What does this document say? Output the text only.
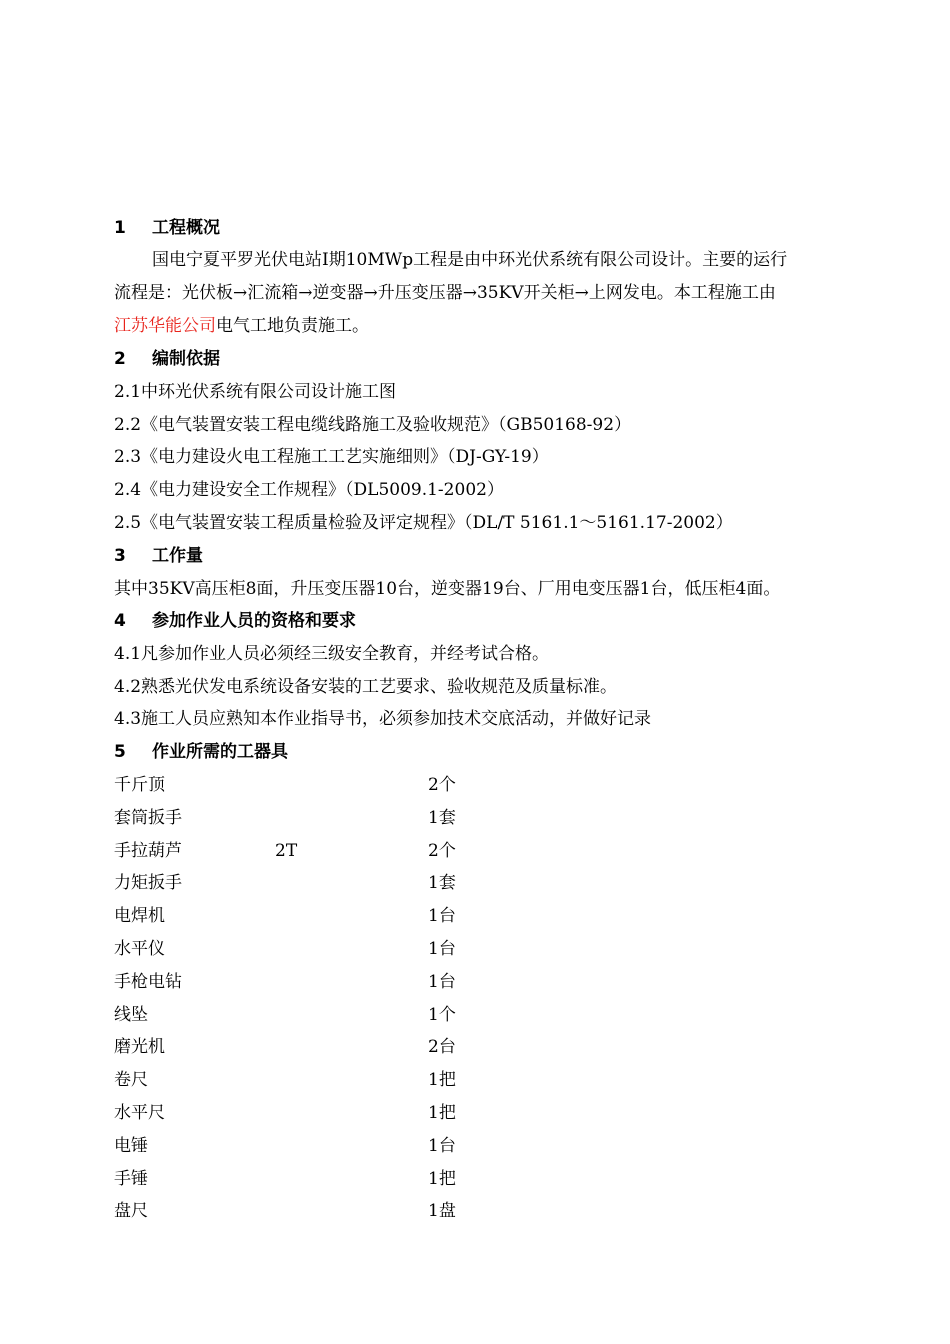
1 工程概况
国电宁夏平罗光伏电站Ⅰ期10MWp工程是由中环光伏系统有限公司设计。主要的运行
流程是：光伏板→汇流箱→逆变器→升压变压器→35KV开关柜→上网发电。本工程施工由
江苏华能公司电气工地负责施工。
2 编制依据
2.1中环光伏系统有限公司设计施工图
2.2《电气装置安装工程电缆线路施工及验收规范》（GB50168-92）
2.3《电力建设火电工程施工工艺实施细则》（DJ-GY-19）
2.4《电力建设安全工作规程》（DL5009.1-2002）
2.5《电气装置安装工程质量检验及评定规程》（DL/T 5161.1～5161.17-2002）
3 工作量
其中35KV高压柜8面，升压变压器10台，逆变器19台、厂用电变压器1台，低压柜4面。
4 参加作业人员的资格和要求
4.1凡参加作业人员必须经三级安全教育，并经考试合格。
4.2熟悉光伏发电系统设备安装的工艺要求、验收规范及质量标准。
4.3施工人员应熟知本作业指导书，必须参加技术交底活动，并做好记录
5 作业所需的工器具
千斤顶	2个
套筒扳手	1套
手拉葫芦	2T	2个
力矩扳手	1套
电焊机	1台
水平仪	1台
手枪电钻	1台
线坠	1个
磨光机	2台
卷尺	1把
水平尺	1把
电锤	1台
手锤	1把
盘尺	1盘
